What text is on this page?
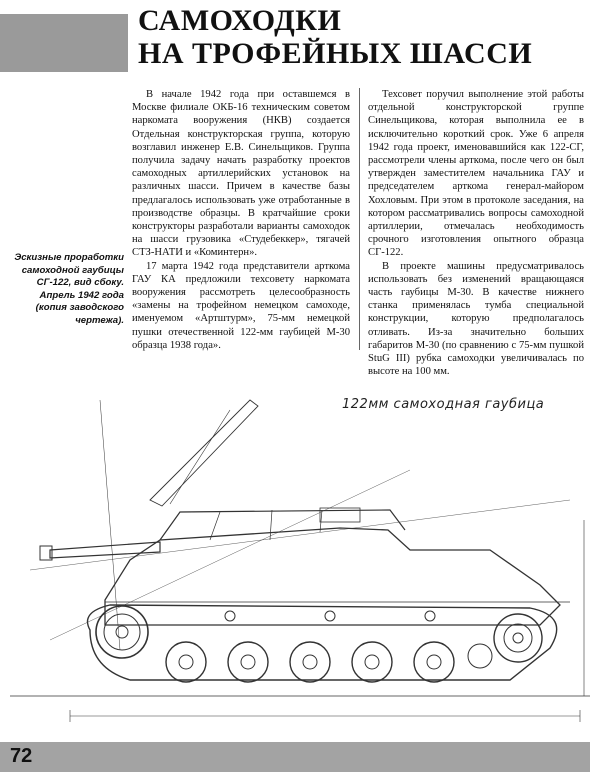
САМОХОДКИ
НА ТРОФЕЙНЫХ ШАССИ

В начале 1942 года при оставшемся в Москве филиале ОКБ-16 техническим советом наркомата вооружения (НКВ) создается Отдельная конструкторская группа, которую возглавил инженер Е.В. Синельщиков. Группа получила задачу начать разработку проектов самоходных артиллерийских установок на различных шасси. Причем в качестве базы предлагалось использовать уже отработанные в производстве образцы. В кратчайшие сроки конструкторы разработали варианты самоходок на шасси грузовика «Студебеккер», тягачей СТЗ-НАТИ и «Коминтерн».

17 марта 1942 года представители арткома ГАУ КА предложили техсовету наркомата вооружения рассмотреть целесообразность «замены на трофейном немецком самоходе, именуемом «Артштурм», 75-мм немецкой пушки отечественной 122-мм гаубицей М-30 образца 1938 года».

Техсовет поручил выполнение этой работы отдельной конструкторской группе Синельщикова, которая выполнила ее в исключительно короткий срок. Уже 6 апреля 1942 года проект, именовавшийся как 122-СГ, рассмотрели члены арткома, после чего он был утвержден заместителем начальника ГАУ и председателем арткома генерал-майором Хохловым. При этом в протоколе заседания, на котором рассматривались вопросы самоходной артиллерии, отмечалась необходимость срочного изготовления опытного образца СГ-122.

В проекте машины предусматривалось использовать без изменений вращающаяся часть гаубицы М-30. В качестве нижнего станка применялась тумба специальной конструкции, которую предполагалось отливать. Из-за значительно больших габаритов М-30 (по сравнению с 75-мм пушкой StuG III) рубка самоходки увеличивалась по высоте на 100 мм.

Эскизные проработки самоходной гаубицы СГ-122, вид сбоку. Апрель 1942 года (копия заводского чертежа).
122мм самоходная гаубица
72
